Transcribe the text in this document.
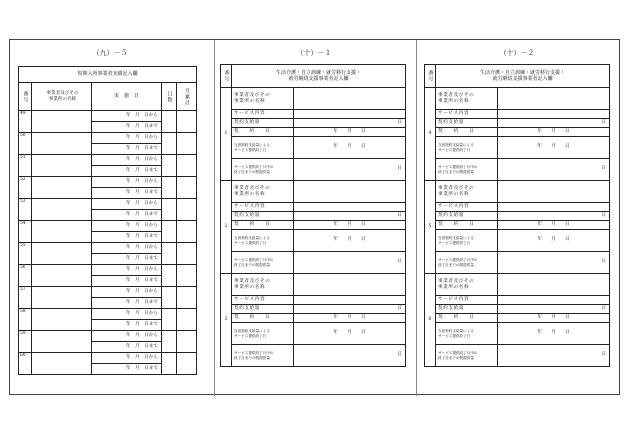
（九）－５	（十）－１	（十）－２
短期入所事業者実績記入欄				

番号	事業者及びその
事業所の名称	実　施　日	日数	月累計

49		年　月　日から		
		年　月　日まで		
50		年　月　日から		
		年　月　日まで		
51		年　月　日から		
		年　月　日まで		
52		年　月　日から		
		年　月　日まで		
53		年　月　日から		
		年　月　日まで		
54		年　月　日から		
		年　月　日まで		
55		年　月　日から		
		年　月　日まで		
56		年　月　日から		
		年　月　日まで		
57		年　月　日から		
		年　月　日まで		
58		年　月　日から		
		年　月　日まで		
59		年　月　日から		
		年　月　日まで		
60		年　月　日から		
		年　月　日まで		
番号	生活介護・自立訓練・就労移行支援・
就労継続支援事業者記入欄	
1	事業者及びその
事業所の名称	
	サービス内容	
	契約支給量	日
	契　　約　　日	年　　月　　日
	当該契約支給量による
サービス提供終了日	年　　月　　日
	サービス提供終了月中の
終了日までの既提供量	日
2	事業者及びその
事業所の名称	
	サービス内容	
	契約支給量	日
	契　　約　　日	年　　月　　日
	当該契約支給量による
サービス提供終了日	年　　月　　日
	サービス提供終了月中の
終了日までの既提供量	日
3	事業者及びその
事業所の名称	
	サービス内容	
	契約支給量	日
	契　　約　　日	年　　月　　日
	当該契約支給量による
サービス提供終了日	年　　月　　日
	サービス提供終了月中の
終了日までの既提供量	日
番号	生活介護・自立訓練・就労移行支援・
就労継続支援事業者記入欄	
4	事業者及びその
事業所の名称	
	サービス内容	
	契約支給量	日
	契　　約　　日	年　　月　　日
	当該契約支給量による
サービス提供終了日	年　　月　　日
	サービス提供終了月中の
終了日までの既提供量	日
5	事業者及びその
事業所の名称	
	サービス内容	
	契約支給量	日
	契　　約　　日	年　　月　　日
	当該契約支給量による
サービス提供終了日	年　　月　　日
	サービス提供終了月中の
終了日までの既提供量	日
6	事業者及びその
事業所の名称	
	サービス内容	
	契約支給量	日
	契　　約　　日	年　　月　　日
	当該契約支給量による
サービス提供終了日	年　　月　　日
	サービス提供終了月中の
終了日までの既提供量	日
